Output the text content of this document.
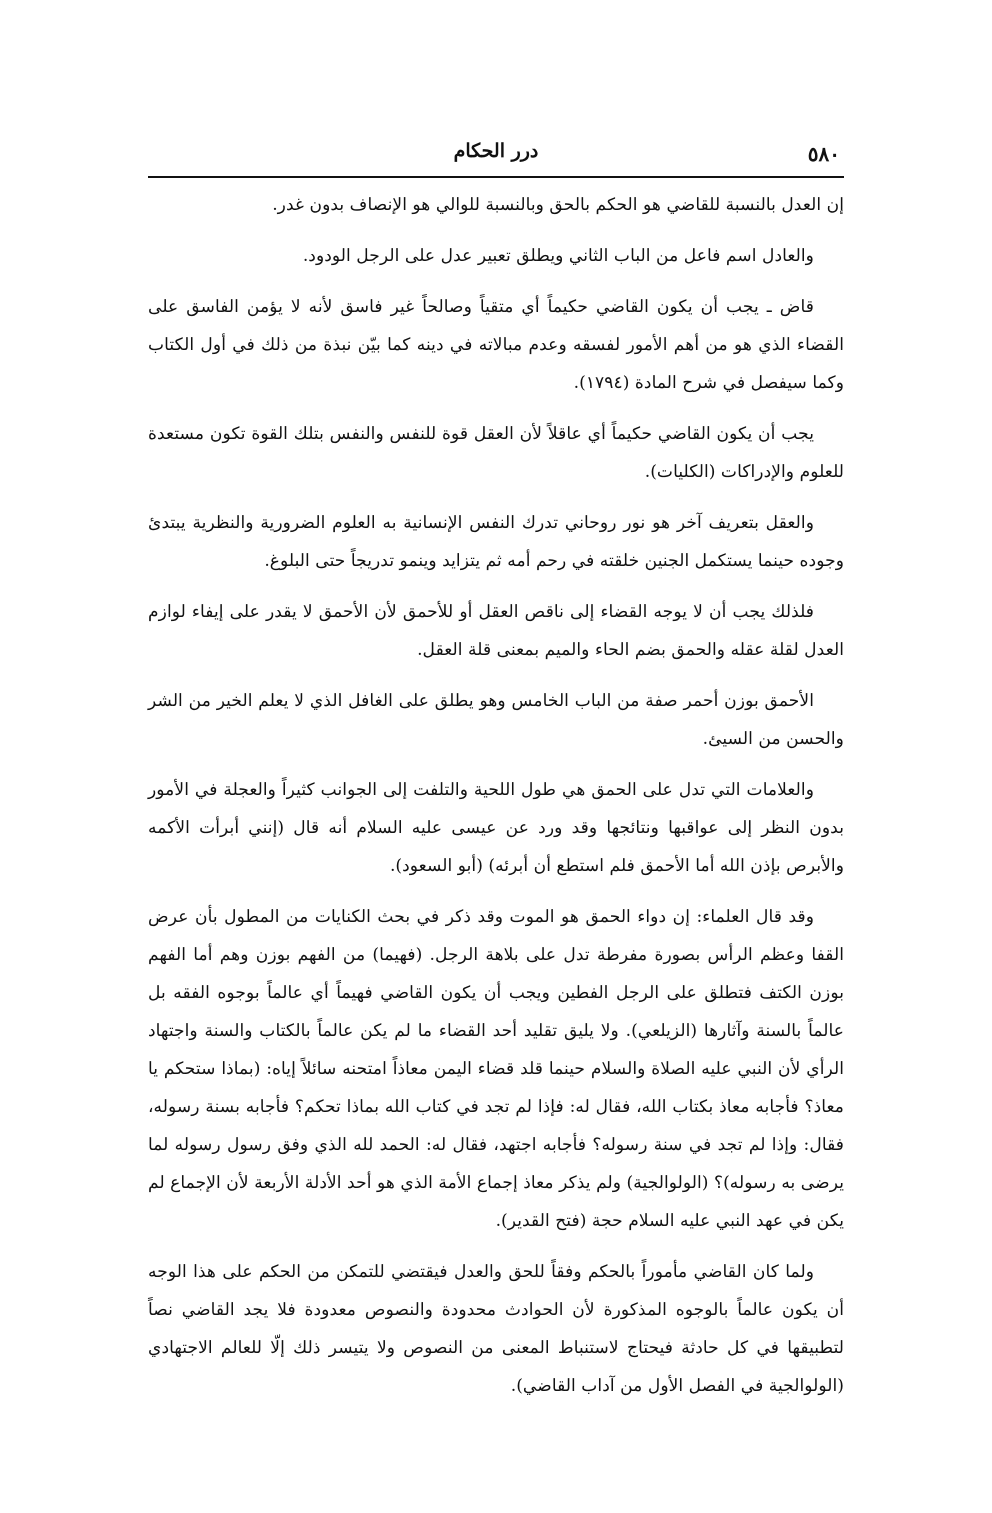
٥٨٠
درر الحكام

إن العدل بالنسبة للقاضي هو الحكم بالحق وبالنسبة للوالي هو الإنصاف بدون غدر.

والعادل اسم فاعل من الباب الثاني ويطلق تعبير عدل على الرجل الودود.

قاض ـ يجب أن يكون القاضي حكيماً أي متقياً وصالحاً غير فاسق لأنه لا يؤمن الفاسق على القضاء الذي هو من أهم الأمور لفسقه وعدم مبالاته في دينه كما بيّن نبذة من ذلك في أول الكتاب وكما سيفصل في شرح المادة (١٧٩٤).

يجب أن يكون القاضي حكيماً أي عاقلاً لأن العقل قوة للنفس والنفس بتلك القوة تكون مستعدة للعلوم والإدراكات (الكليات).

والعقل بتعريف آخر هو نور روحاني تدرك النفس الإنسانية به العلوم الضرورية والنظرية يبتدئ وجوده حينما يستكمل الجنين خلقته في رحم أمه ثم يتزايد وينمو تدريجاً حتى البلوغ.

فلذلك يجب أن لا يوجه القضاء إلى ناقص العقل أو للأحمق لأن الأحمق لا يقدر على إيفاء لوازم العدل لقلة عقله والحمق بضم الحاء والميم بمعنى قلة العقل.

الأحمق بوزن أحمر صفة من الباب الخامس وهو يطلق على الغافل الذي لا يعلم الخير من الشر والحسن من السيئ.

والعلامات التي تدل على الحمق هي طول اللحية والتلفت إلى الجوانب كثيراً والعجلة في الأمور بدون النظر إلى عواقبها ونتائجها وقد ورد عن عيسى عليه السلام أنه قال (إنني أبرأت الأكمه والأبرص بإذن الله أما الأحمق فلم استطع أن أبرئه) (أبو السعود).

وقد قال العلماء: إن دواء الحمق هو الموت وقد ذكر في بحث الكنايات من المطول بأن عرض القفا وعظم الرأس بصورة مفرطة تدل على بلاهة الرجل. (فهيما) من الفهم بوزن وهم أما الفهم بوزن الكتف فتطلق على الرجل الفطين ويجب أن يكون القاضي فهيماً أي عالماً بوجوه الفقه بل عالماً بالسنة وآثارها (الزيلعي). ولا يليق تقليد أحد القضاء ما لم يكن عالماً بالكتاب والسنة واجتهاد الرأي لأن النبي عليه الصلاة والسلام حينما قلد قضاء اليمن معاذاً امتحنه سائلاً إياه: (بماذا ستحكم يا معاذ؟ فأجابه معاذ بكتاب الله، فقال له: فإذا لم تجد في كتاب الله بماذا تحكم؟ فأجابه بسنة رسوله، فقال: وإذا لم تجد في سنة رسوله؟ فأجابه اجتهد، فقال له: الحمد لله الذي وفق رسول رسوله لما يرضى به رسوله)؟ (الولوالجية) ولم يذكر معاذ إجماع الأمة الذي هو أحد الأدلة الأربعة لأن الإجماع لم يكن في عهد النبي عليه السلام حجة (فتح القدير).

ولما كان القاضي مأموراً بالحكم وفقاً للحق والعدل فيقتضي للتمكن من الحكم على هذا الوجه أن يكون عالماً بالوجوه المذكورة لأن الحوادث محدودة والنصوص معدودة فلا يجد القاضي نصاً لتطبيقها في كل حادثة فيحتاج لاستنباط المعنى من النصوص ولا يتيسر ذلك إلّا للعالم الاجتهادي (الولوالجية في الفصل الأول من آداب القاضي).
